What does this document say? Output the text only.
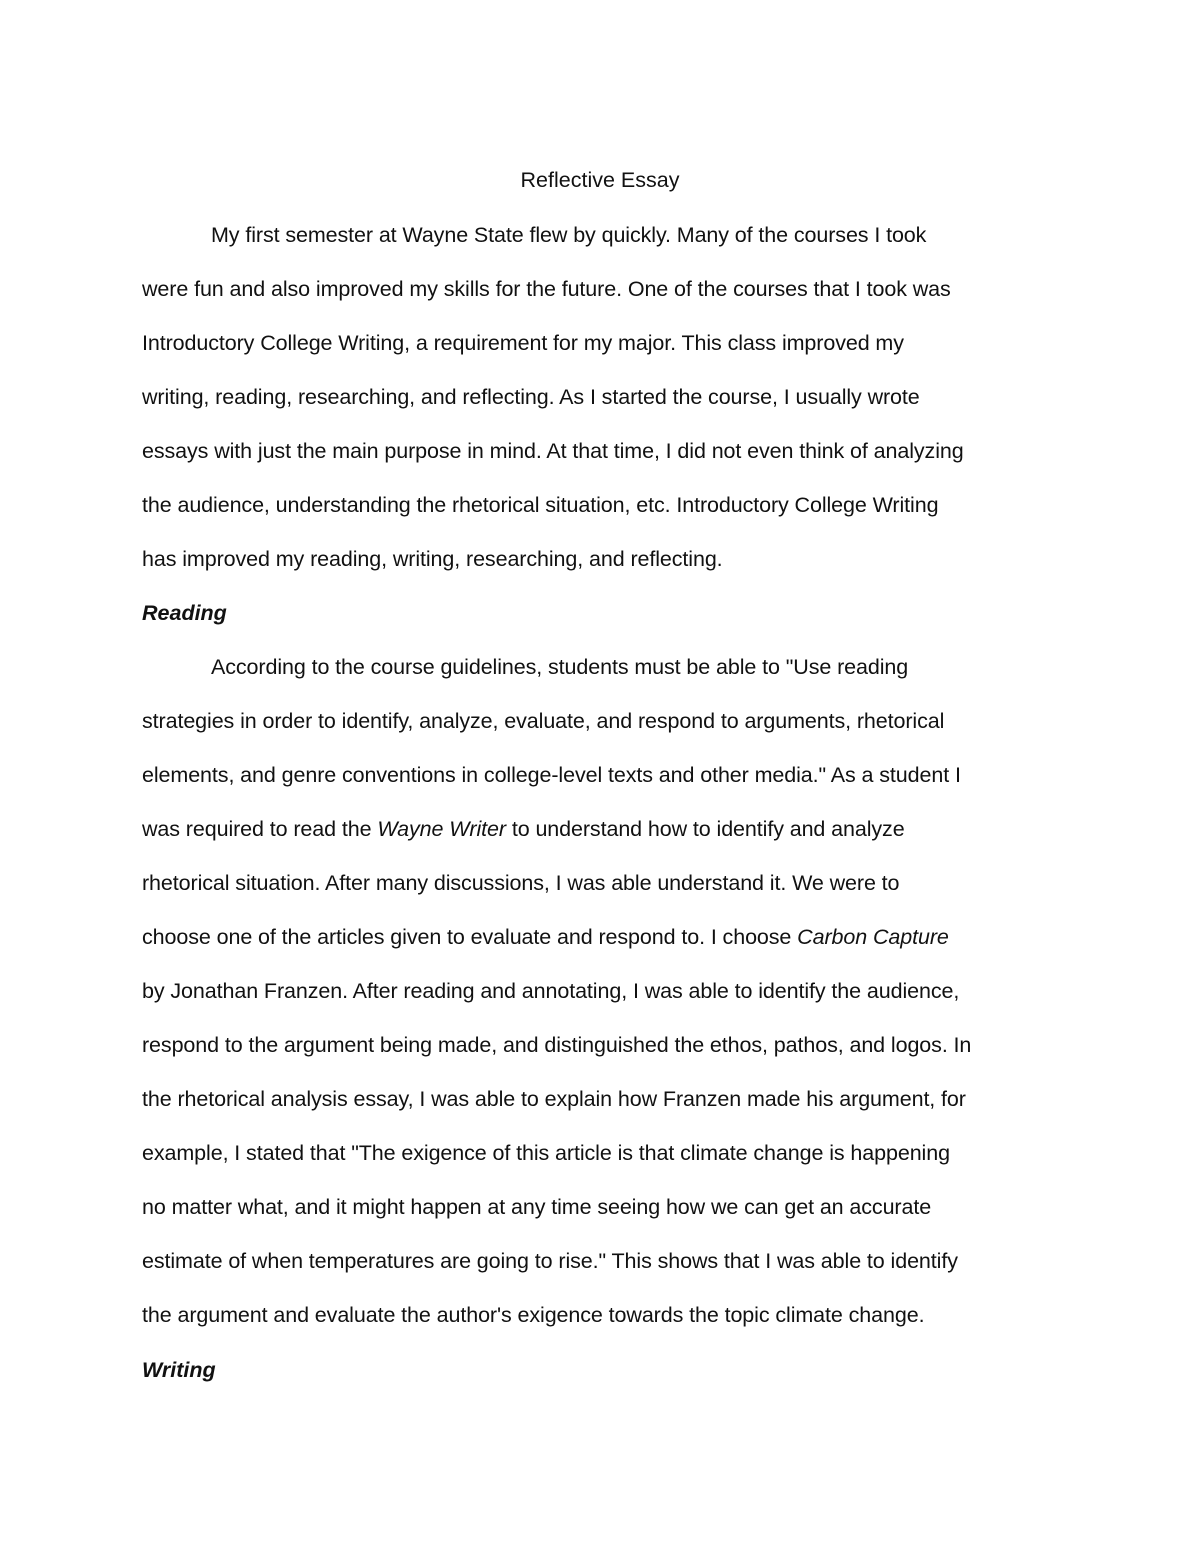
Reflective Essay
My first semester at Wayne State flew by quickly. Many of the courses I took
were fun and also improved my skills for the future. One of the courses that I took was
Introductory College Writing, a requirement for my major. This class improved my
writing, reading, researching, and reflecting. As I started the course, I usually wrote
essays with just the main purpose in mind. At that time, I did not even think of analyzing
the audience, understanding the rhetorical situation, etc. Introductory College Writing
has improved my reading, writing, researching, and reflecting.
Reading
According to the course guidelines, students must be able to "Use reading
strategies in order to identify, analyze, evaluate, and respond to arguments, rhetorical
elements, and genre conventions in college-level texts and other media." As a student I
was required to read the Wayne Writer to understand how to identify and analyze
rhetorical situation. After many discussions, I was able understand it. We were to
choose one of the articles given to evaluate and respond to. I choose Carbon Capture
by Jonathan Franzen. After reading and annotating, I was able to identify the audience,
respond to the argument being made, and distinguished the ethos, pathos, and logos. In
the rhetorical analysis essay, I was able to explain how Franzen made his argument, for
example, I stated that "The exigence of this article is that climate change is happening
no matter what, and it might happen at any time seeing how we can get an accurate
estimate of when temperatures are going to rise." This shows that I was able to identify
the argument and evaluate the author's exigence towards the topic climate change.
Writing
